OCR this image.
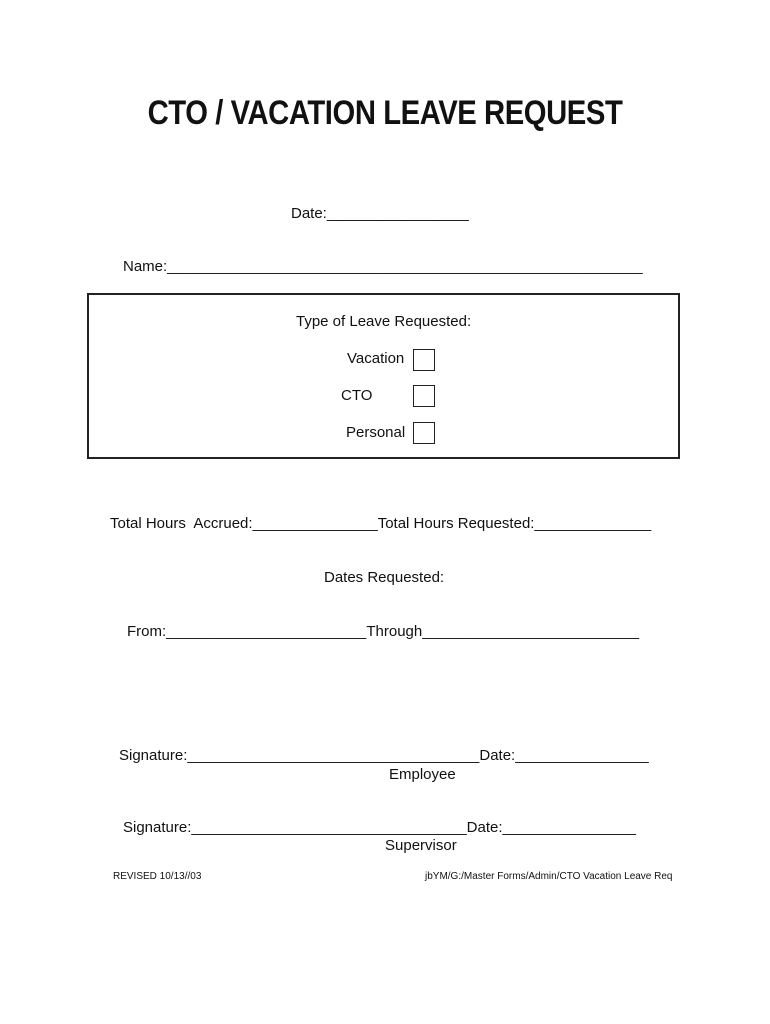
CTO / VACATION LEAVE REQUEST
Date:_________________
Name:_________________________________________________________
Type of Leave Requested:
Vacation
CTO
Personal
Total Hours  Accrued:_______________Total Hours Requested:______________
Dates Requested:
From:________________________Through__________________________
Signature:___________________________________Date:________________
Employee
Signature:_________________________________Date:________________
Supervisor
REVISED 10/13//03	jbYM/G:/Master Forms/Admin/CTO Vacation Leave Req
